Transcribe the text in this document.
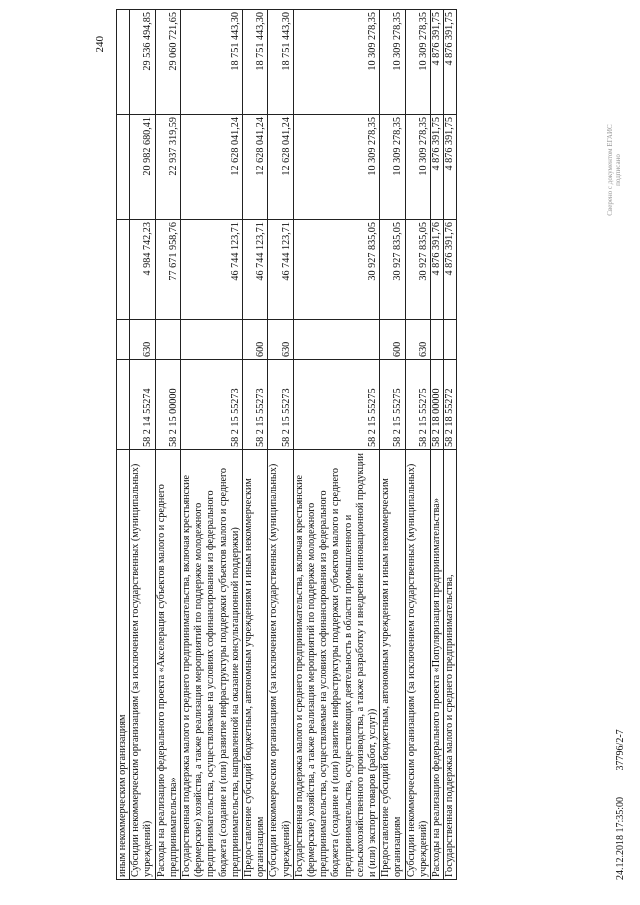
240
иным некоммерческим организациям					
Субсидии некоммерческим организациям (за исключением государственных (муниципальных) учреждений)	58 2 14 55274	630	4 984 742,23	20 982 680,41	29 536 494,85
Расходы на реализацию федерального проекта «Акселерация субъектов малого и среднего предпринимательства»	58 2 15 00000		77 671 958,76	22 937 319,59	29 060 721,65
Государственная поддержка малого и среднего предпринимательства, включая крестьянские (фермерские) хозяйства, а также реализация мероприятий по поддержке молодежного предпринимательства, осуществляемые на условиях софинансирования из федерального бюджета (создание и (или) развитие инфраструктуры поддержки субъектов малого и среднего предпринимательства, направленной на оказание консультационной поддержки)	58 2 15 55273		46 744 123,71	12 628 041,24	18 751 443,30
Предоставление субсидий бюджетным, автономным учреждениям и иным некоммерческим организациям	58 2 15 55273	600	46 744 123,71	12 628 041,24	18 751 443,30
Субсидии некоммерческим организациям (за исключением государственных (муниципальных) учреждений)	58 2 15 55273	630	46 744 123,71	12 628 041,24	18 751 443,30
Государственная поддержка малого и среднего предпринимательства, включая крестьянские (фермерские) хозяйства, а также реализация мероприятий по поддержке молодежного предпринимательства, осуществляемые на условиях софинансирования из федерального бюджета (создание и (или) развитие инфраструктуры поддержки субъектов малого и среднего предпринимательства, осуществляющих деятельность в области промышленного и сельскохозяйственного производства, а также разработку и внедрение инновационной продукции и (или) экспорт товаров (работ, услуг))	58 2 15 55275		30 927 835,05	10 309 278,35	10 309 278,35
Предоставление субсидий бюджетным, автономным учреждениям и иным некоммерческим организациям	58 2 15 55275	600	30 927 835,05	10 309 278,35	10 309 278,35
Субсидии некоммерческим организациям (за исключением государственных (муниципальных) учреждений)	58 2 15 55275	630	30 927 835,05	10 309 278,35	10 309 278,35
Расходы на реализацию федерального проекта «Популяризация предпринимательства»	58 2 18 00000		4 876 391,76	4 876 391,75	4 876 391,75
Государственная поддержка малого и среднего предпринимательства,	58 2 18 55272		4 876 391,76	4 876 391,75	4 876 391,75
24.12.2018 17:35:00 37796/2-7
Сверено с документом ЕГАИС подписано
